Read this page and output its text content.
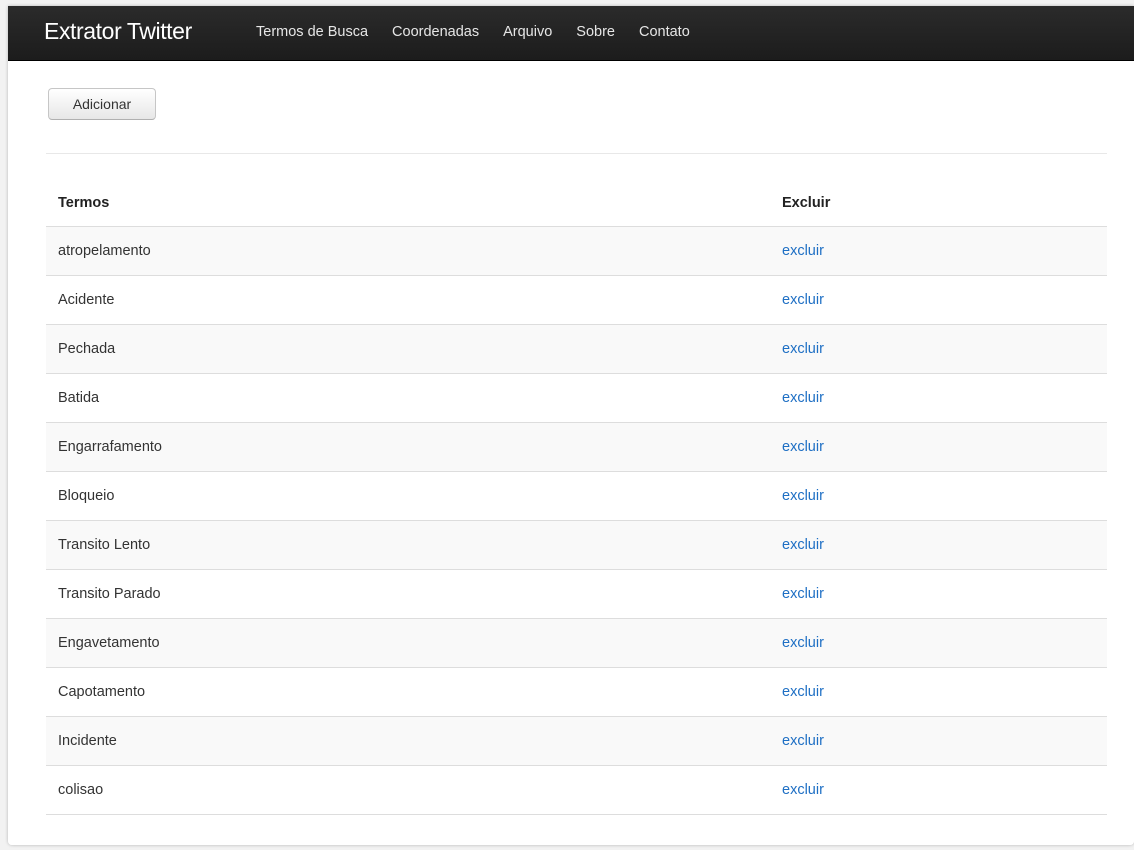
Extrator Twitter	Termos de Busca Coordenadas Arquivo Sobre Contato
Adicionar
Termos	Excluir
atropelamento	excluir
Acidente	excluir
Pechada	excluir
Batida	excluir
Engarrafamento	excluir
Bloqueio	excluir
Transito Lento	excluir
Transito Parado	excluir
Engavetamento	excluir
Capotamento	excluir
Incidente	excluir
colisao	excluir
